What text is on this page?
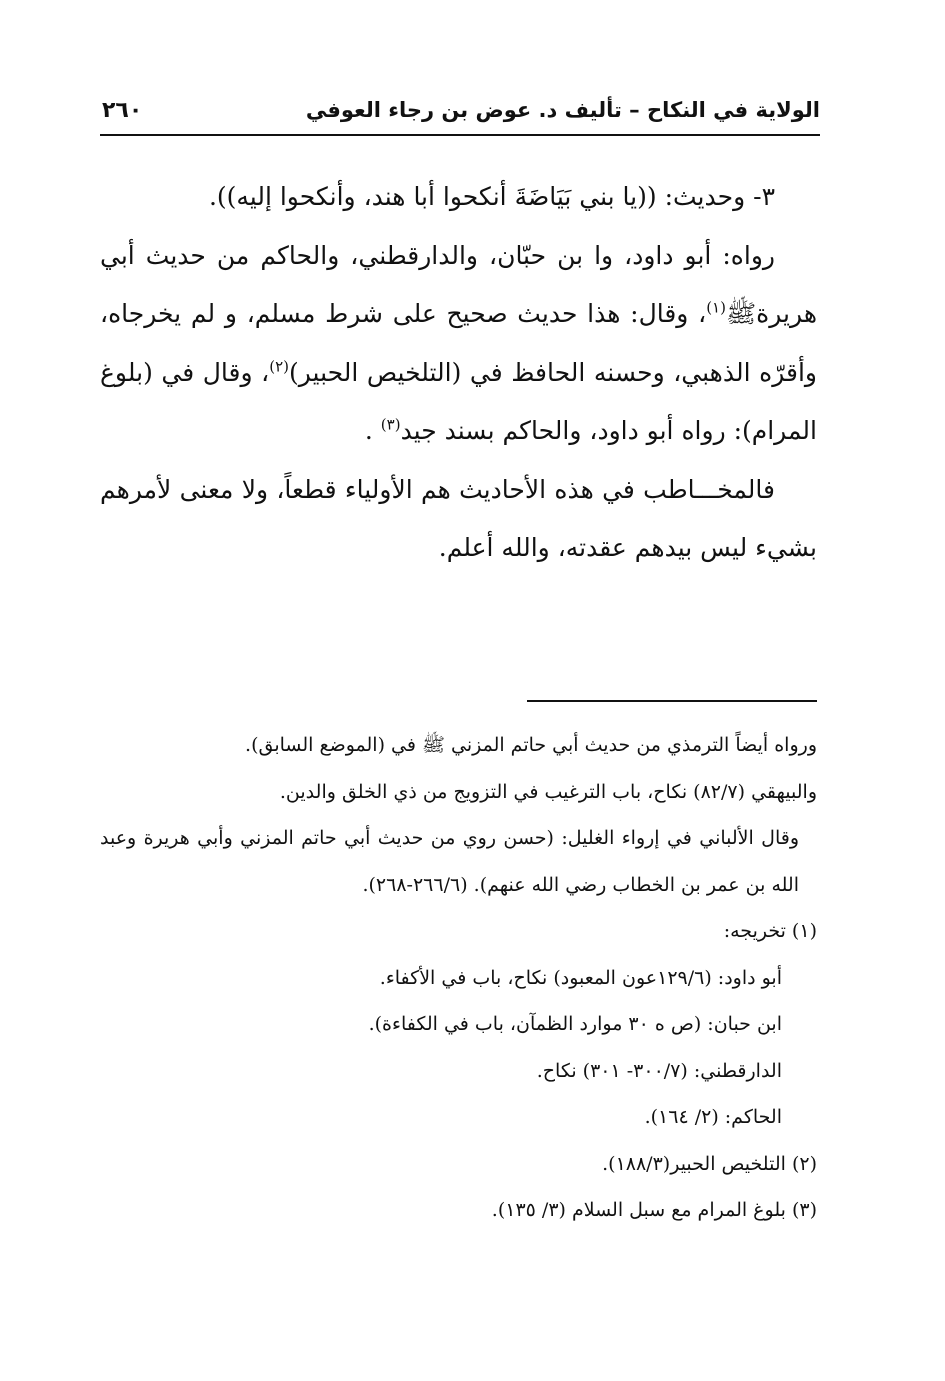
الولاية في النكاح – تأليف د. عوض بن رجاء العوفي
٢٦٠

٣- وحديث: ((يا بني بَيَاضَةَ أنكحوا أبا هند، وأنكحوا إليه)).

رواه: أبو داود، وا بن حبّان، والدارقطني، والحاكم من حديث أبي هريرةﷺ$^{(١)}$، وقال: هذا حديث صحيح على شرط مسلم، و لم يخرجاه، وأقرّه الذهبي، وحسنه الحافظ في (التلخيص الحبير)$^{(٢)}$، وقال في (بلوغ المرام): رواه أبو داود، والحاكم بسند جيد$^{(٣)}$ .

فالمخـــاطب في هذه الأحاديث هم الأولياء قطعاً، ولا معنى لأمرهم بشيء ليس بيدهم عقدته، والله أعلم.

ورواه أيضاً الترمذي من حديث أبي حاتم المزني ﷺ في (الموضع السابق).

والبيهقي (٨٢/٧) نكاح، باب الترغيب في التزويج من ذي الخلق والدين.

وقال الألباني في إرواء الغليل: (حسن روي من حديث أبي حاتم المزني وأبي هريرة وعبد الله بن عمر بن الخطاب رضي الله عنهم). (٢٦٦/٦-٢٦٨).

(١) تخريجه:

أبو داود: (١٢٩/٦عون المعبود) نكاح، باب في الأكفاء.

ابن حبان: (ص ه ٣٠ موارد الظمآن، باب في الكفاءة).

الدارقطني: (٣٠٠/٧- ٣٠١) نكاح.

الحاكم: (٢/ ١٦٤).

(٢) التلخيص الحبير(١٨٨/٣).

(٣) بلوغ المرام مع سبل السلام (٣/ ١٣٥).
